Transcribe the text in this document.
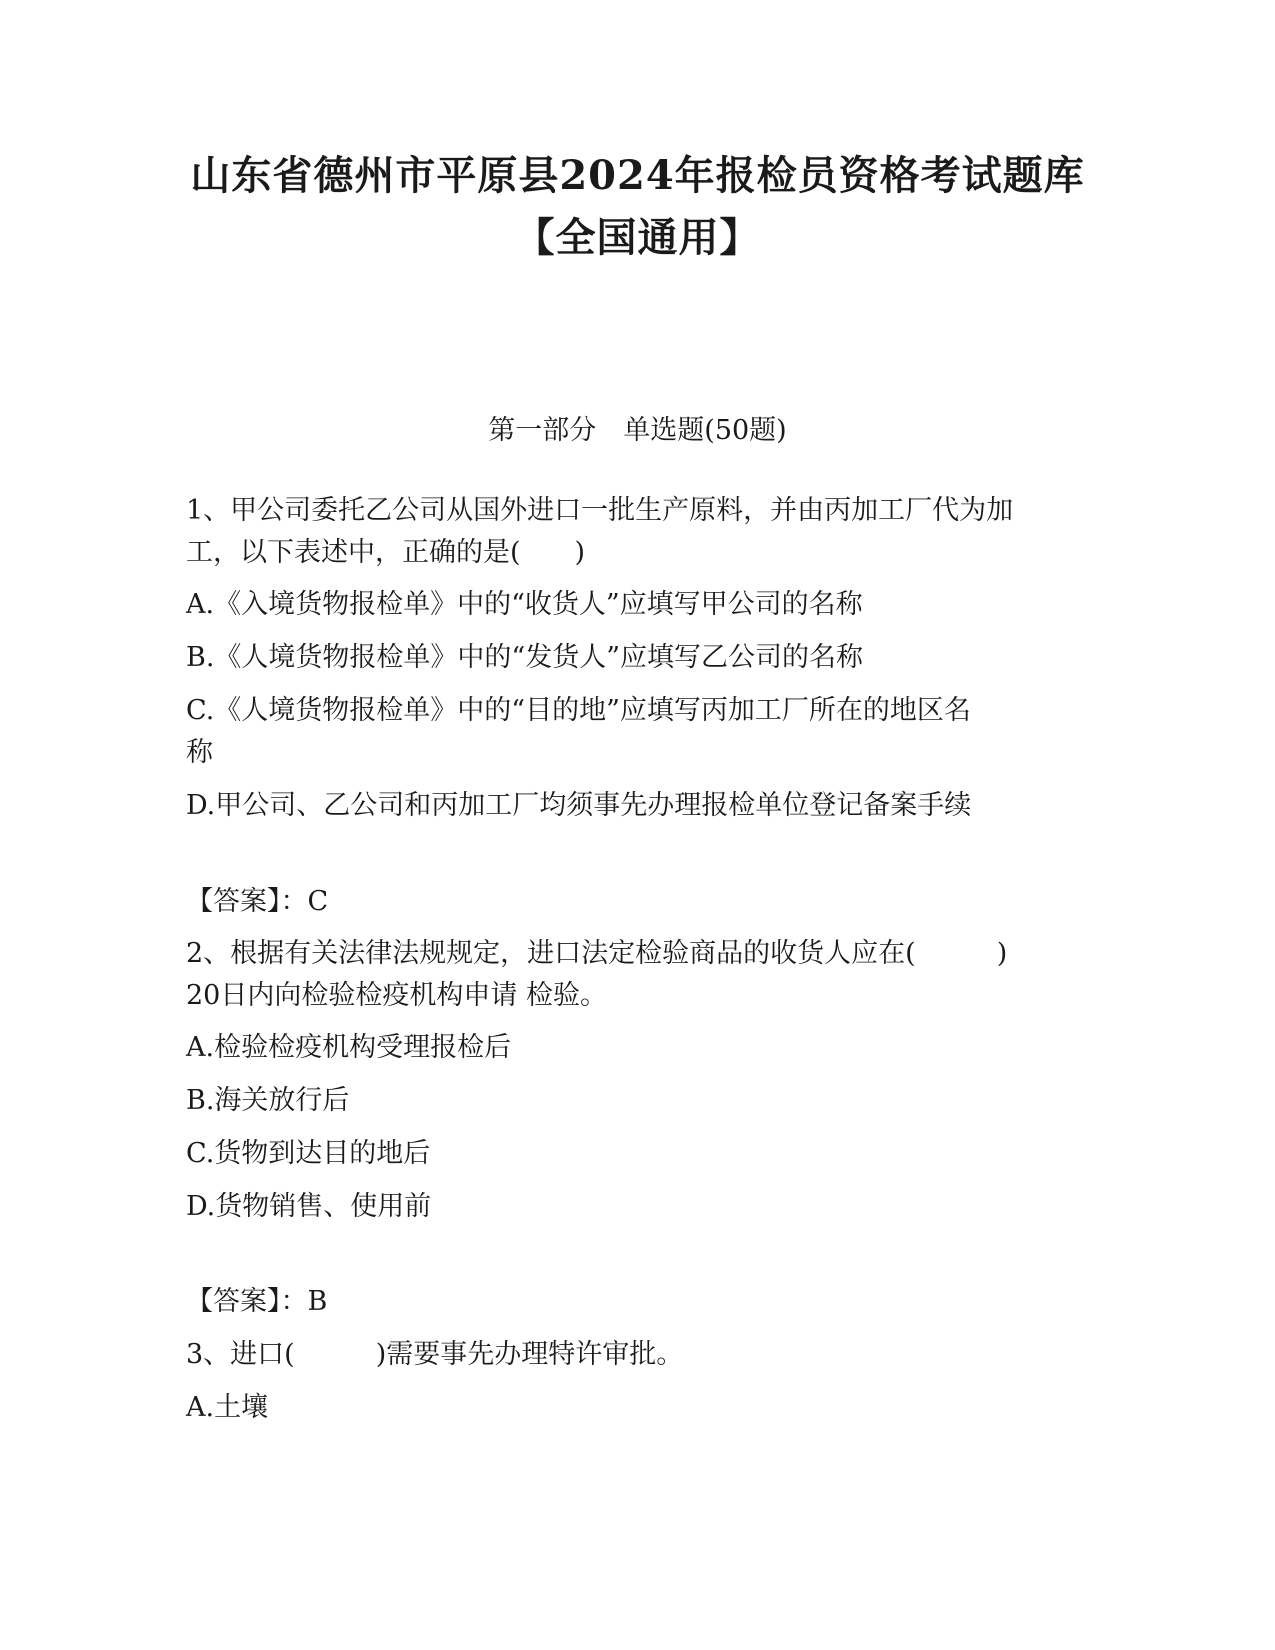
山东省德州市平原县2024年报检员资格考试题库
【全国通用】
第一部分　单选题(50题)
1、甲公司委托乙公司从国外进口一批生产原料，并由丙加工厂代为加
工，以下表述中，正确的是(　　)
A.《入境货物报检单》中的“收货人”应填写甲公司的名称
B.《人境货物报检单》中的“发货人”应填写乙公司的名称
C.《人境货物报检单》中的“目的地”应填写丙加工厂所在的地区名
称
D.甲公司、乙公司和丙加工厂均须事先办理报检单位登记备案手续
【答案】：C
2、根据有关法律法规规定，进口法定检验商品的收货人应在(　　　)
20日内向检验检疫机构申请 检验。
A.检验检疫机构受理报检后
B.海关放行后
C.货物到达目的地后
D.货物销售、使用前
【答案】：B
3、进口(　　　)需要事先办理特许审批。
A.土壤
